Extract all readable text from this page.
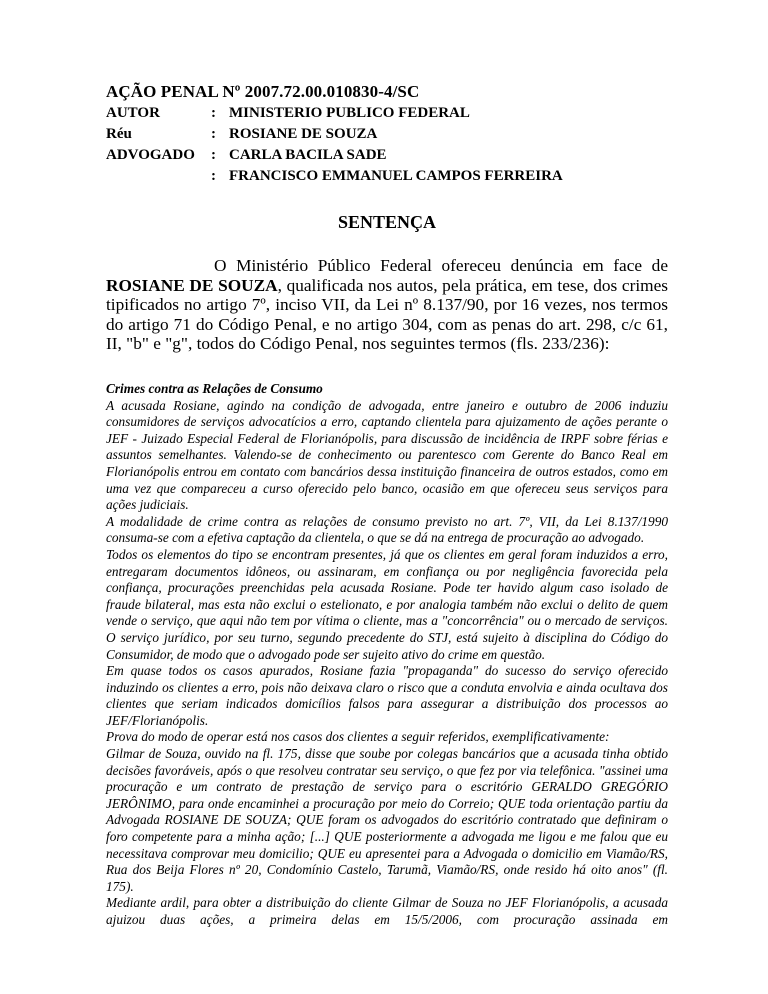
AÇÃO PENAL Nº 2007.72.00.010830-4/SC
AUTOR	: MINISTERIO PUBLICO FEDERAL
Réu	: ROSIANE DE SOUZA
ADVOGADO : CARLA BACILA SADE
: FRANCISCO EMMANUEL CAMPOS FERREIRA
SENTENÇA
O Ministério Público Federal ofereceu denúncia em face de ROSIANE DE SOUZA, qualificada nos autos, pela prática, em tese, dos crimes tipificados no artigo 7º, inciso VII, da Lei nº 8.137/90, por 16 vezes, nos termos do artigo 71 do Código Penal, e no artigo 304, com as penas do art. 298, c/c 61, II, "b" e "g", todos do Código Penal, nos seguintes termos (fls. 233/236):

Crimes contra as Relações de Consumo

A acusada Rosiane, agindo na condição de advogada, entre janeiro e outubro de 2006 induziu consumidores de serviços advocatícios a erro, captando clientela para ajuizamento de ações perante o JEF - Juizado Especial Federal de Florianópolis, para discussão de incidência de IRPF sobre férias e assuntos semelhantes. Valendo-se de conhecimento ou parentesco com Gerente do Banco Real em Florianópolis entrou em contato com bancários dessa instituição financeira de outros estados, como em uma vez que compareceu a curso oferecido pelo banco, ocasião em que ofereceu seus serviços para ações judiciais.

A modalidade de crime contra as relações de consumo previsto no art. 7º, VII, da Lei 8.137/1990 consuma-se com a efetiva captação da clientela, o que se dá na entrega de procuração ao advogado.

Todos os elementos do tipo se encontram presentes, já que os clientes em geral foram induzidos a erro, entregaram documentos idôneos, ou assinaram, em confiança ou por negligência favorecida pela confiança, procurações preenchidas pela acusada Rosiane. Pode ter havido algum caso isolado de fraude bilateral, mas esta não exclui o estelionato, e por analogia também não exclui o delito de quem vende o serviço, que aqui não tem por vítima o cliente, mas a "concorrência" ou o mercado de serviços. O serviço jurídico, por seu turno, segundo precedente do STJ, está sujeito à disciplina do Código do Consumidor, de modo que o advogado pode ser sujeito ativo do crime em questão.

Em quase todos os casos apurados, Rosiane fazia "propaganda" do sucesso do serviço oferecido induzindo os clientes a erro, pois não deixava claro o risco que a conduta envolvia e ainda ocultava dos clientes que seriam indicados domicílios falsos para assegurar a distribuição dos processos ao JEF/Florianópolis.

Prova do modo de operar está nos casos dos clientes a seguir referidos, exemplificativamente:

Gilmar de Souza, ouvido na fl. 175, disse que soube por colegas bancários que a acusada tinha obtido decisões favoráveis, após o que resolveu contratar seu serviço, o que fez por via telefônica. "assinei uma procuração e um contrato de prestação de serviço para o escritório GERALDO GREGÓRIO JERÔNIMO, para onde encaminhei a procuração por meio do Correio; QUE toda orientação partiu da Advogada ROSIANE DE SOUZA; QUE foram os advogados do escritório contratado que definiram o foro competente para a minha ação; [...] QUE posteriormente a advogada me ligou e me falou que eu necessitava comprovar meu domicilio; QUE eu apresentei para a Advogada o domicilio em Viamão/RS, Rua dos Beija Flores nº 20, Condomínio Castelo, Tarumã, Viamão/RS, onde resido há oito anos" (fl. 175).

Mediante ardil, para obter a distribuição do cliente Gilmar de Souza no JEF Florianópolis, a acusada ajuizou duas ações, a primeira delas em 15/5/2006, com procuração assinada em
